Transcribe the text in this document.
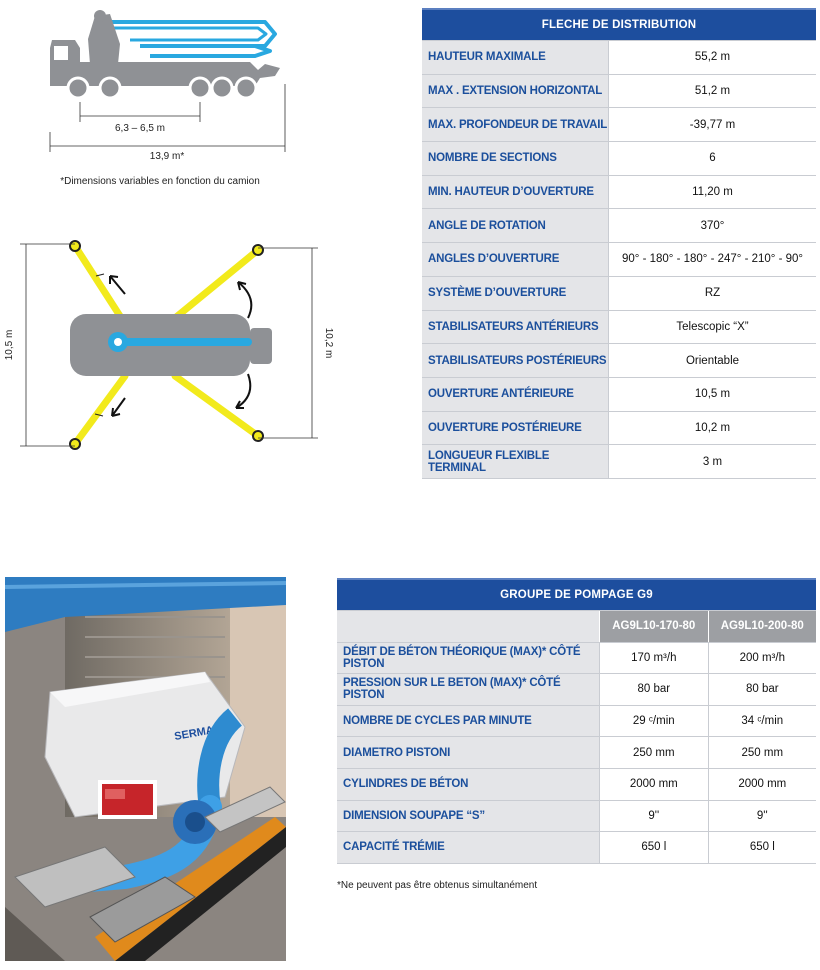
6,3 – 6,5 m
13,9 m*
*Dimensions variables en fonction du camion
10,5 m	10,2 m
FLECHE DE DISTRIBUTION	
HAUTEUR MAXIMALE	55,2 m
MAX . EXTENSION HORIZONTAL	51,2 m
MAX. PROFONDEUR DE TRAVAIL	-39,77 m
NOMBRE DE SECTIONS	6
MIN. HAUTEUR D’OUVERTURE	11,20 m
ANGLE DE ROTATION	370°
ANGLES D’OUVERTURE	90° - 180° - 180° - 247° - 210° - 90°
SYSTÈME D’OUVERTURE	RZ
STABILISATEURS ANTÉRIEURS	Telescopic “X”
STABILISATEURS POSTÉRIEURS	Orientable
OUVERTURE ANTÉRIEURE	10,5 m
OUVERTURE POSTÉRIEURE	10,2 m
LONGUEUR FLEXIBLE TERMINAL	3 m
SERMAC
GROUPE DE POMPAGE G9		
	AG9L10-170-80	AG9L10-200-80
DÉBIT DE BÉTON THÉORIQUE (MAX)* CÔTÉ PISTON	170 m³/h	200 m³/h
PRESSION SUR LE BETON (MAX)* CÔTÉ PISTON	80 bar	80 bar
NOMBRE DE CYCLES PAR MINUTE	29 ᶜ/min	34 ᶜ/min
DIAMETRO PISTONI	250 mm	250 mm
CYLINDRES DE BÉTON	2000 mm	2000 mm
DIMENSION SOUPAPE “S”	9''	9''
CAPACITÉ TRÉMIE	650 l	650 l
*Ne peuvent pas être obtenus simultanément
